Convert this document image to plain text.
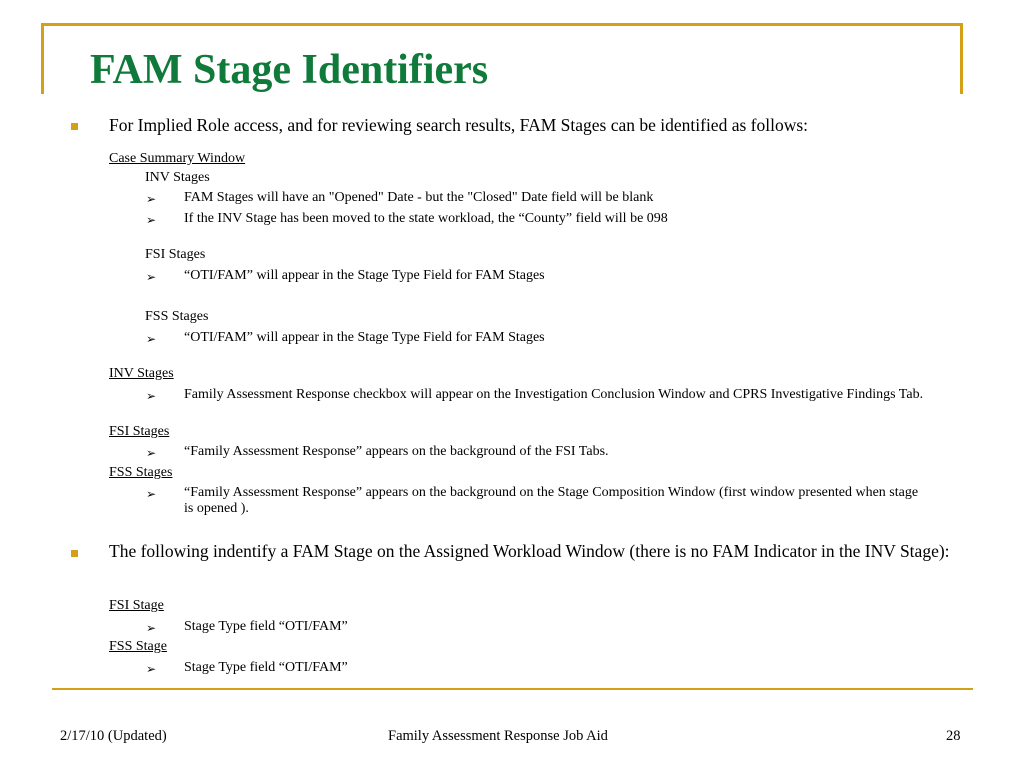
FAM Stage Identifiers
For Implied Role access, and for reviewing search results, FAM Stages can be identified as follows:
Case Summary Window
INV Stages
➢ FAM Stages will have an "Opened" Date - but the "Closed" Date field will be blank
➢ If the INV Stage has been moved to the state workload, the “County” field will be 098
FSI Stages
➢ “OTI/FAM” will appear in the Stage Type Field for FAM Stages
FSS Stages
➢ “OTI/FAM” will appear in the Stage Type Field for FAM Stages
INV Stages
➢ Family Assessment Response checkbox will appear on the Investigation Conclusion Window and CPRS Investigative Findings Tab.
FSI Stages
➢ “Family Assessment Response” appears on the background of the FSI Tabs.
FSS Stages
➢ “Family Assessment Response” appears on the background on the Stage Composition Window (first window presented when stage is opened ).
The following indentify a FAM Stage on the Assigned Workload Window (there is no FAM Indicator in the INV Stage):
FSI Stage
➢ Stage Type field “OTI/FAM”
FSS Stage
➢ Stage Type field “OTI/FAM”
2/17/10 (Updated)	Family Assessment Response Job Aid	28
